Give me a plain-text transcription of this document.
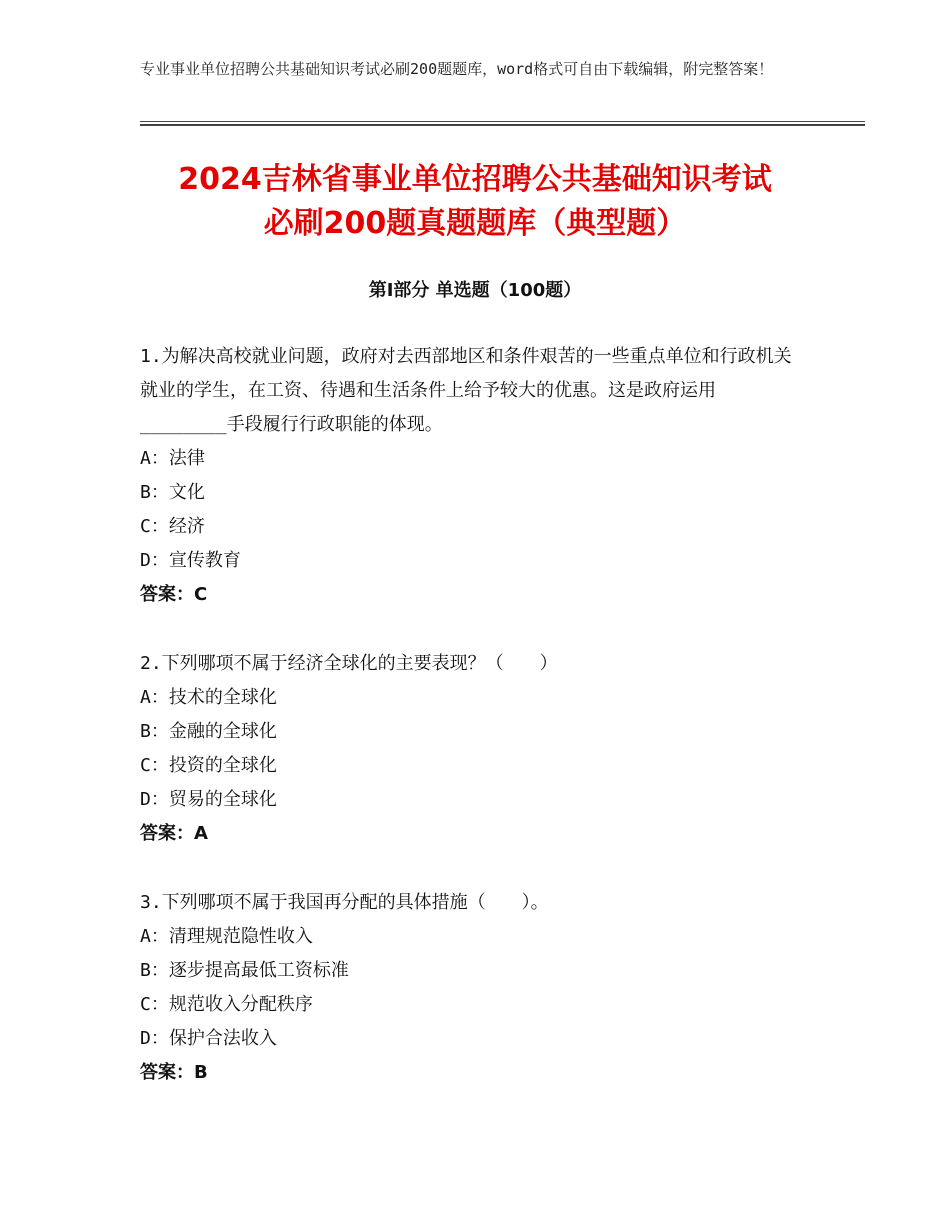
专业事业单位招聘公共基础知识考试必刷200题题库，word格式可自由下载编辑，附完整答案！
2024吉林省事业单位招聘公共基础知识考试
必刷200题真题题库（典型题）
第Ⅰ部分 单选题（100题）
1.为解决高校就业问题，政府对去西部地区和条件艰苦的一些重点单位和行政机关就业的学生，在工资、待遇和生活条件上给予较大的优惠。这是政府运用________手段履行行政职能的体现。
A：法律
B：文化
C：经济
D：宣传教育
答案：C
2.下列哪项不属于经济全球化的主要表现？（　　）
A：技术的全球化
B：金融的全球化
C：投资的全球化
D：贸易的全球化
答案：A
3.下列哪项不属于我国再分配的具体措施（　　）。
A：清理规范隐性收入
B：逐步提高最低工资标准
C：规范收入分配秩序
D：保护合法收入
答案：B
